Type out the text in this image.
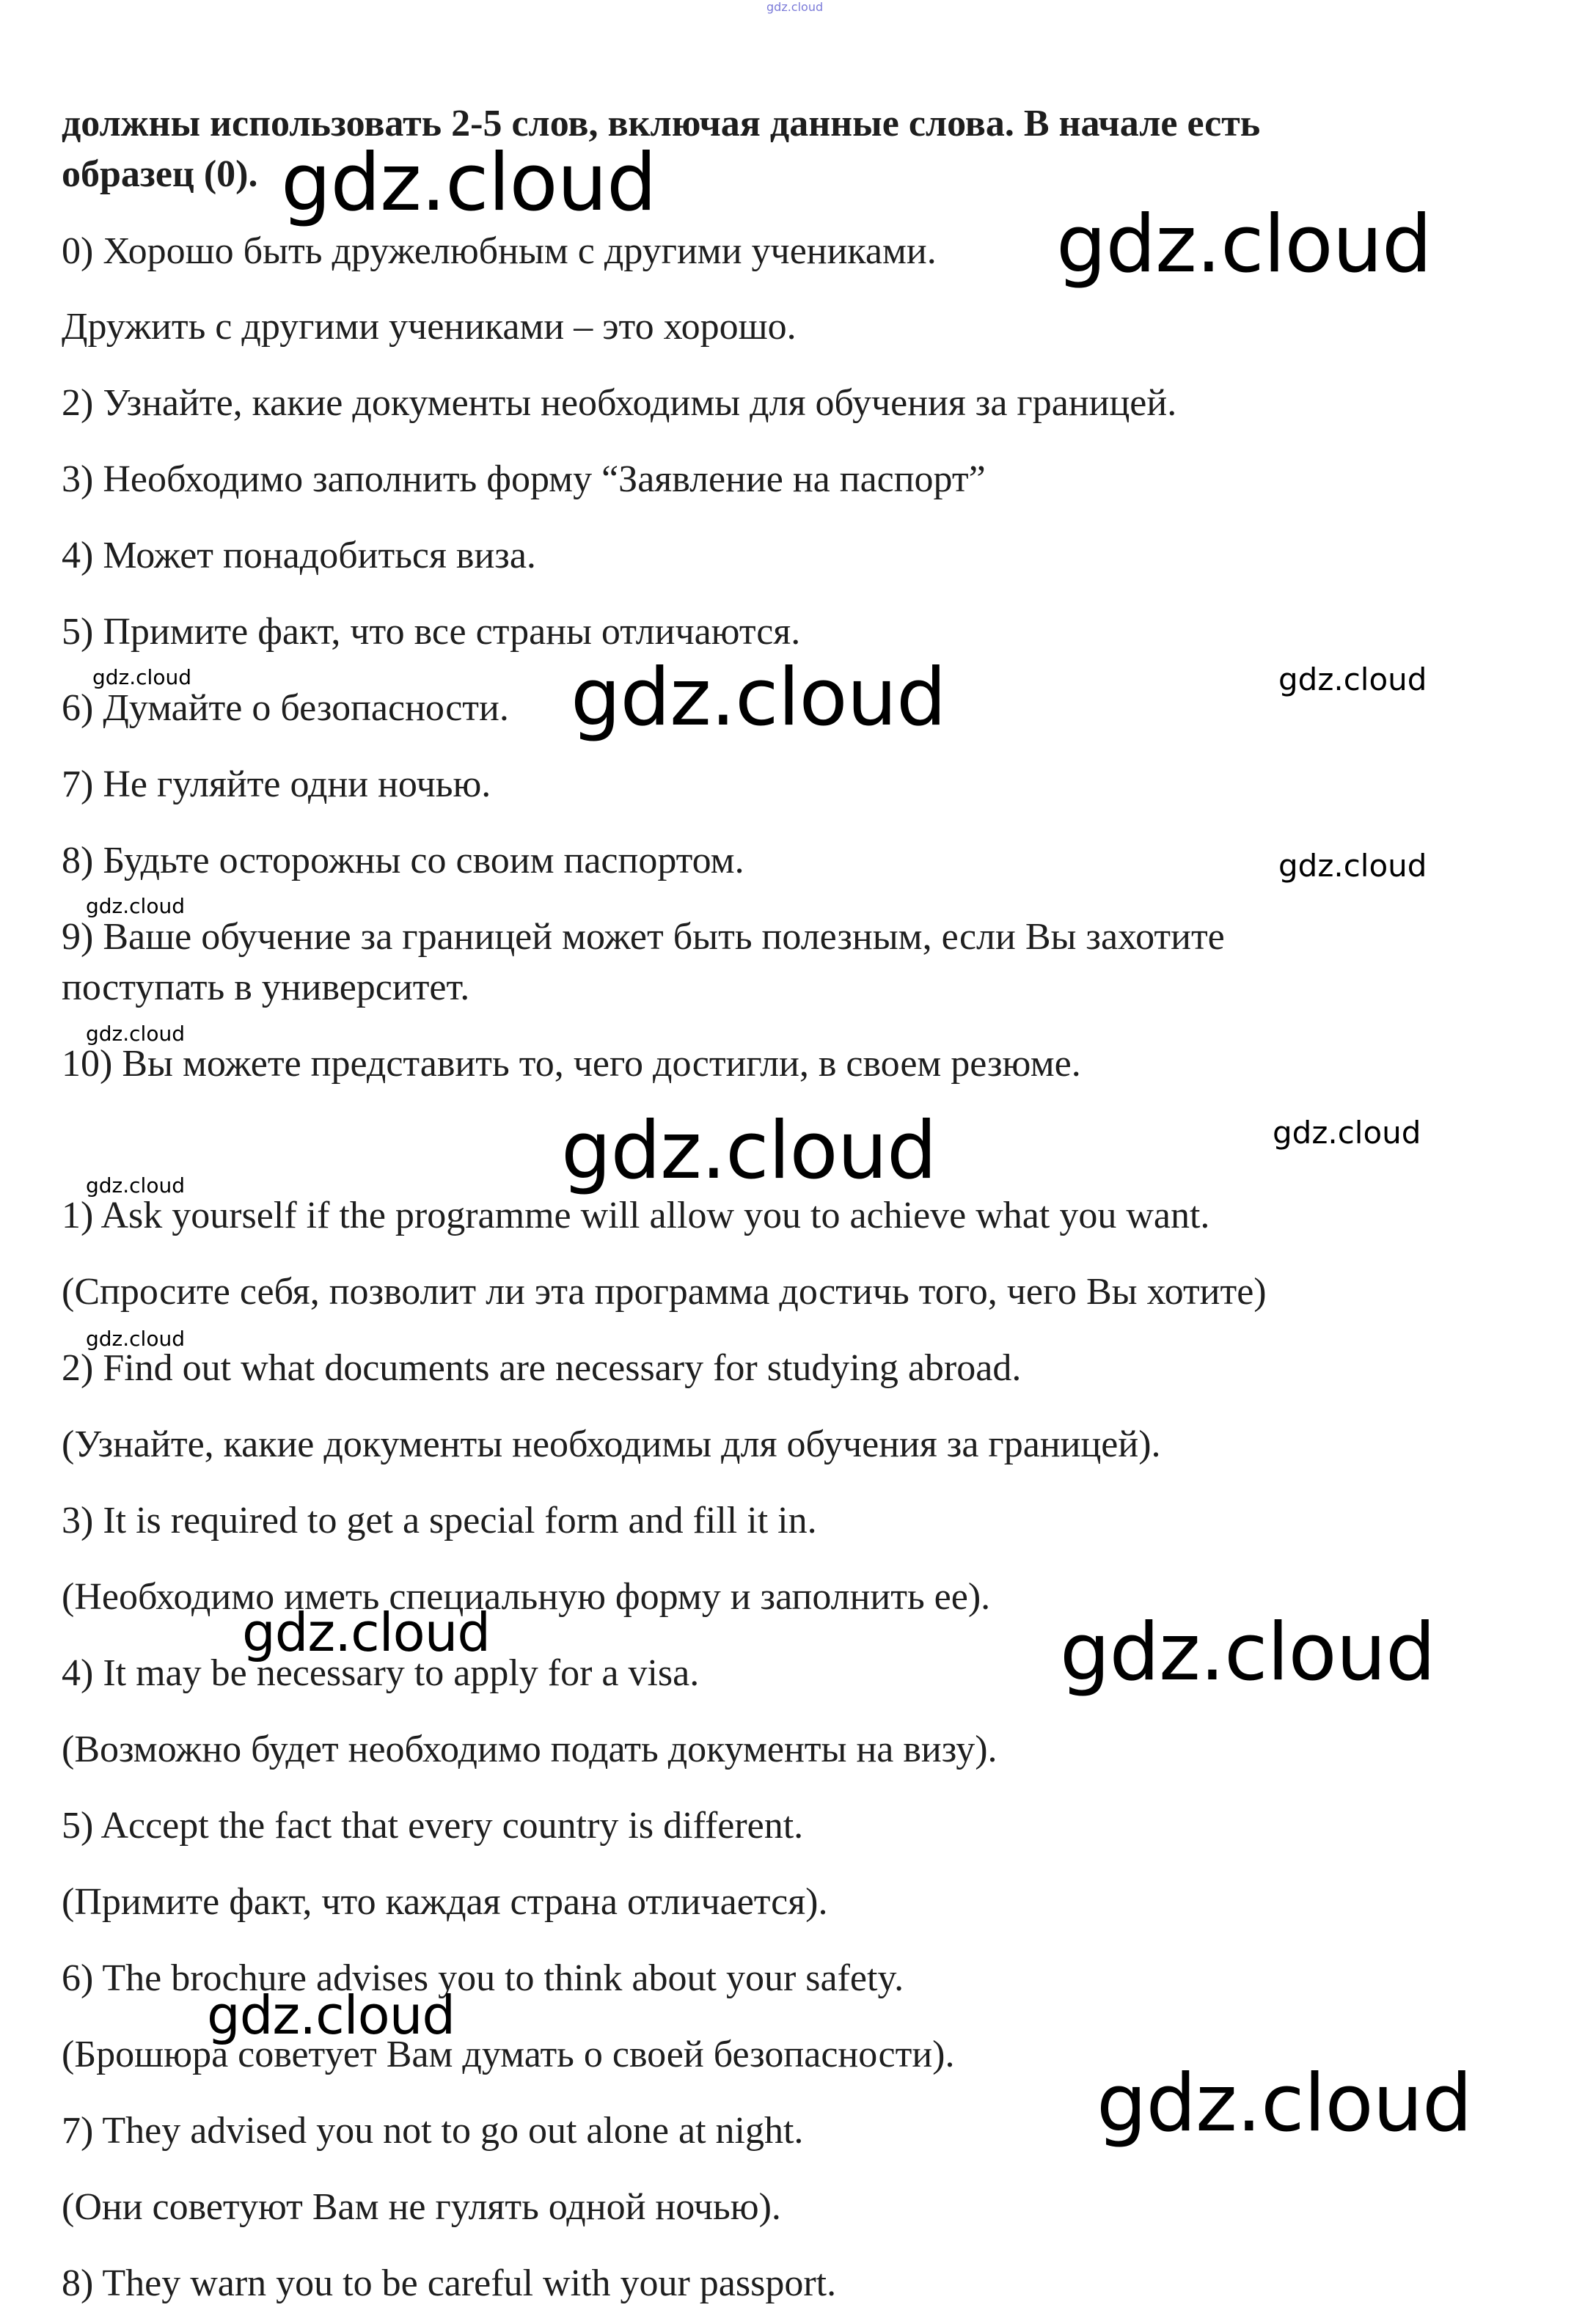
gdz.cloud
должны использовать 2-5 слов, включая данные слова. В начале есть
образец (0).
0) Хорошо быть дружелюбным с другими учениками.
Дружить с другими учениками – это хорошо.
2) Узнайте, какие документы необходимы для обучения за границей.
3) Необходимо заполнить форму “Заявление на паспорт”
4) Может понадобиться виза.
5) Примите факт, что все страны отличаются.
6) Думайте о безопасности.
7) Не гуляйте одни ночью.
8) Будьте осторожны со своим паспортом.
9) Ваше обучение за границей может быть полезным, если Вы захотите
поступать в университет.
10) Вы можете представить то, чего достигли, в своем резюме.
1) Ask yourself if the programme will allow you to achieve what you want.
(Спросите себя, позволит ли эта программа достичь того, чего Вы хотите)
2) Find out what documents are necessary for studying abroad.
(Узнайте, какие документы необходимы для обучения за границей).
3) It is required to get a special form and fill it in.
(Необходимо иметь специальную форму и заполнить ее).
4) It may be necessary to apply for a visa.
(Возможно будет необходимо подать документы на визу).
5) Accept the fact that every country is different.
(Примите факт, что каждая страна отличается).
6) The brochure advises you to think about your safety.
(Брошюра советует Вам думать о своей безопасности).
7) They advised you not to go out alone at night.
(Они советуют Вам не гулять одной ночью).
8) They warn you to be careful with your passport.
gdz.cloud
gdz.cloud
gdz.cloud
gdz.cloud
gdz.cloud
gdz.cloud
gdz.cloud
gdz.cloud
gdz.cloud
gdz.cloud
gdz.cloud
gdz.cloud
gdz.cloud
gdz.cloud
gdz.cloud
gdz.cloud
